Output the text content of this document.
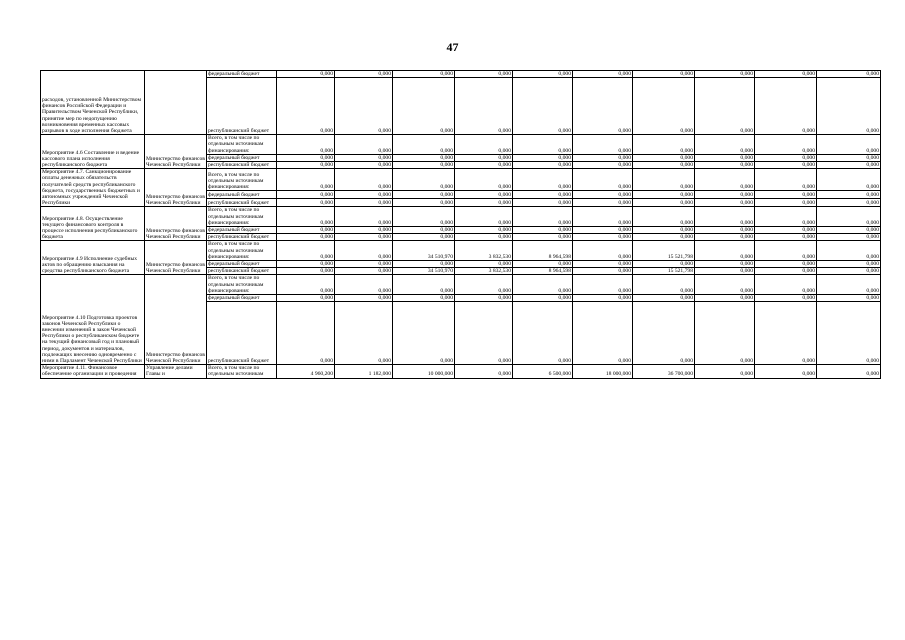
47
расходов, установленной Министерством финансов Российской Федерации и Правительством Чеченской Республики, принятие мер по недопущению возникновения временных кассовых разрывов в ходе исполнения бюджета		федеральный бюджет	0,000	0,000	0,000	0,000	0,000	0,000	0,000	0,000	0,000	0,000
		республиканский бюджет	0,000	0,000	0,000	0,000	0,000	0,000	0,000	0,000	0,000	0,000
Мероприятие 4.6 Составление и ведение кассового плана исполнения республиканского бюджета	Министерство финансов Чеченской Республики	Всего, в том числе по отдельным источникам финансирования:	0,000	0,000	0,000	0,000	0,000	0,000	0,000	0,000	0,000	0,000
		федеральный бюджет	0,000	0,000	0,000	0,000	0,000	0,000	0,000	0,000	0,000	0,000
		республиканский бюджет	0,000	0,000	0,000	0,000	0,000	0,000	0,000	0,000	0,000	0,000
Мероприятие 4.7. Санкционирование оплаты денежных обязательств получателей средств республиканского бюджета, государственных бюджетных и автономных учреждений Чеченской Республики	Министерство финансов Чеченской Республики	Всего, в том числе по отдельным источникам финансирования:	0,000	0,000	0,000	0,000	0,000	0,000	0,000	0,000	0,000	0,000
		федеральный бюджет	0,000	0,000	0,000	0,000	0,000	0,000	0,000	0,000	0,000	0,000
		республиканский бюджет	0,000	0,000	0,000	0,000	0,000	0,000	0,000	0,000	0,000	0,000
Мероприятие 4.8. Осуществление текущего финансового контроля в процессе исполнения республиканского бюджета	Министерство финансов Чеченской Республики	Всего, в том числе по отдельным источникам финансирования:	0,000	0,000	0,000	0,000	0,000	0,000	0,000	0,000	0,000	0,000
		федеральный бюджет	0,000	0,000	0,000	0,000	0,000	0,000	0,000	0,000	0,000	0,000
		республиканский бюджет	0,000	0,000	0,000	0,000	0,000	0,000	0,000	0,000	0,000	0,000
Мероприятие 4.9 Исполнение судебных актов по обращению взыскания на средства республиканского бюджета	Министерство финансов Чеченской Республики	Всего, в том числе по отдельным источникам финансирования:	0,000	0,000	34 510,970	3 832,530	8 964,598	0,000	15 521,798	0,000	0,000	0,000
		федеральный бюджет	0,000	0,000	0,000	0,000	0,000	0,000	0,000	0,000	0,000	0,000
		республиканский бюджет	0,000	0,000	34 510,970	3 832,530	8 964,598	0,000	15 521,798	0,000	0,000	0,000
Мероприятие 4.10 Подготовка проектов законов Чеченской Республики о внесении изменений в закон Чеченской Республики о республиканском бюджете на текущий финансовый год и плановый период, документов и материалов, подлежащих внесению одновременно с ними в Парламент Чеченской Республики	Министерство финансов Чеченской Республики	Всего, в том числе по отдельным источникам финансирования:	0,000	0,000	0,000	0,000	0,000	0,000	0,000	0,000	0,000	0,000
		федеральный бюджет	0,000	0,000	0,000	0,000	0,000	0,000	0,000	0,000	0,000	0,000
		республиканский бюджет	0,000	0,000	0,000	0,000	0,000	0,000	0,000	0,000	0,000	0,000
Мероприятие 4.11. Финансовое обеспечение организации и проведения	Управление делами Главы и	Всего, в том числе по отдельным источникам	4 960,200	1 182,000	10 000,000	0,000	6 500,000	18 000,000	36 700,000	0,000	0,000	0,000
